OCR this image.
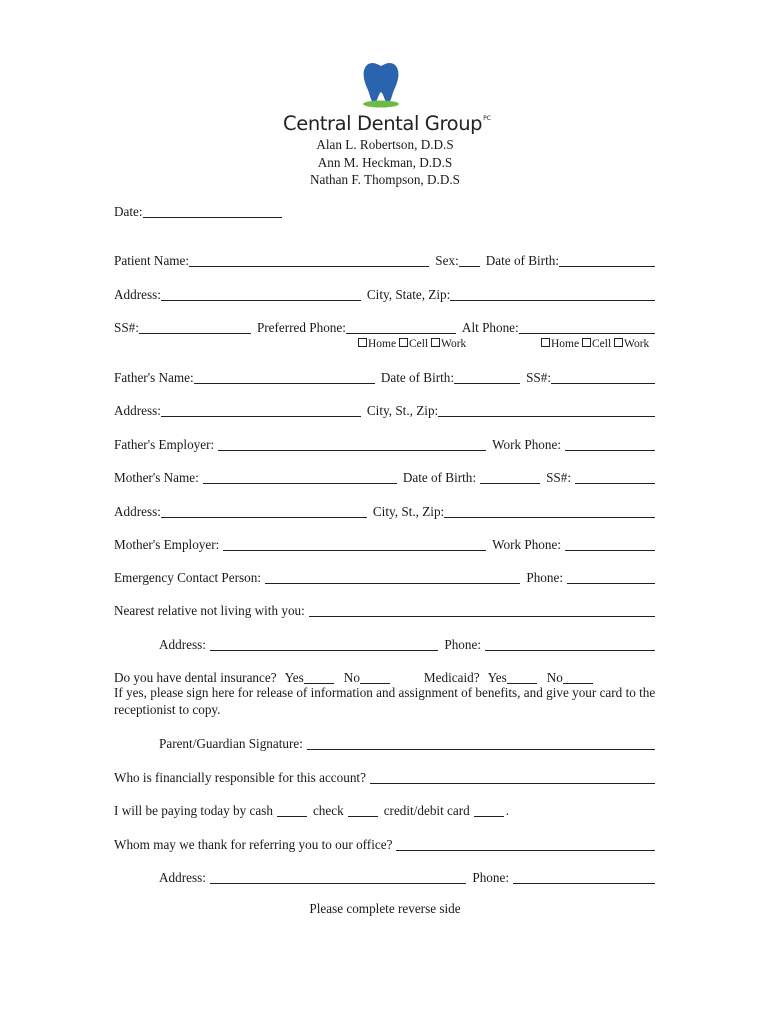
Central Dental Group$^{PC}$
Alan L. Robertson, D.D.S
Ann M. Heckman, D.D.S
Nathan F. Thompson, D.D.S
Date:
Patient Name:	Sex: Date of Birth:
Address:	City, State, Zip:
SS#:	Preferred Phone:	Alt Phone:
Home Cell Work	Home Cell Work
Father's Name:	Date of Birth:	SS#:
Address:	City, St., Zip:
Father's Employer:	Work Phone:
Mother's Name:	Date of Birth:	SS#:
Address:	City, St., Zip:
Mother's Employer:	Work Phone:
Emergency Contact Person:	Phone:
Nearest relative not living with you:
Address:	Phone:
Do you have dental insurance? Yes	No	Medicaid? Yes	No
If yes, please sign here for release of information and assignment of benefits, and give your card to the receptionist to copy.
Parent/Guardian Signature:
Who is financially responsible for this account?
I will be paying today by cash	check	credit/debit card	.
Whom may we thank for referring you to our office?
Address:	Phone:
Please complete reverse side
